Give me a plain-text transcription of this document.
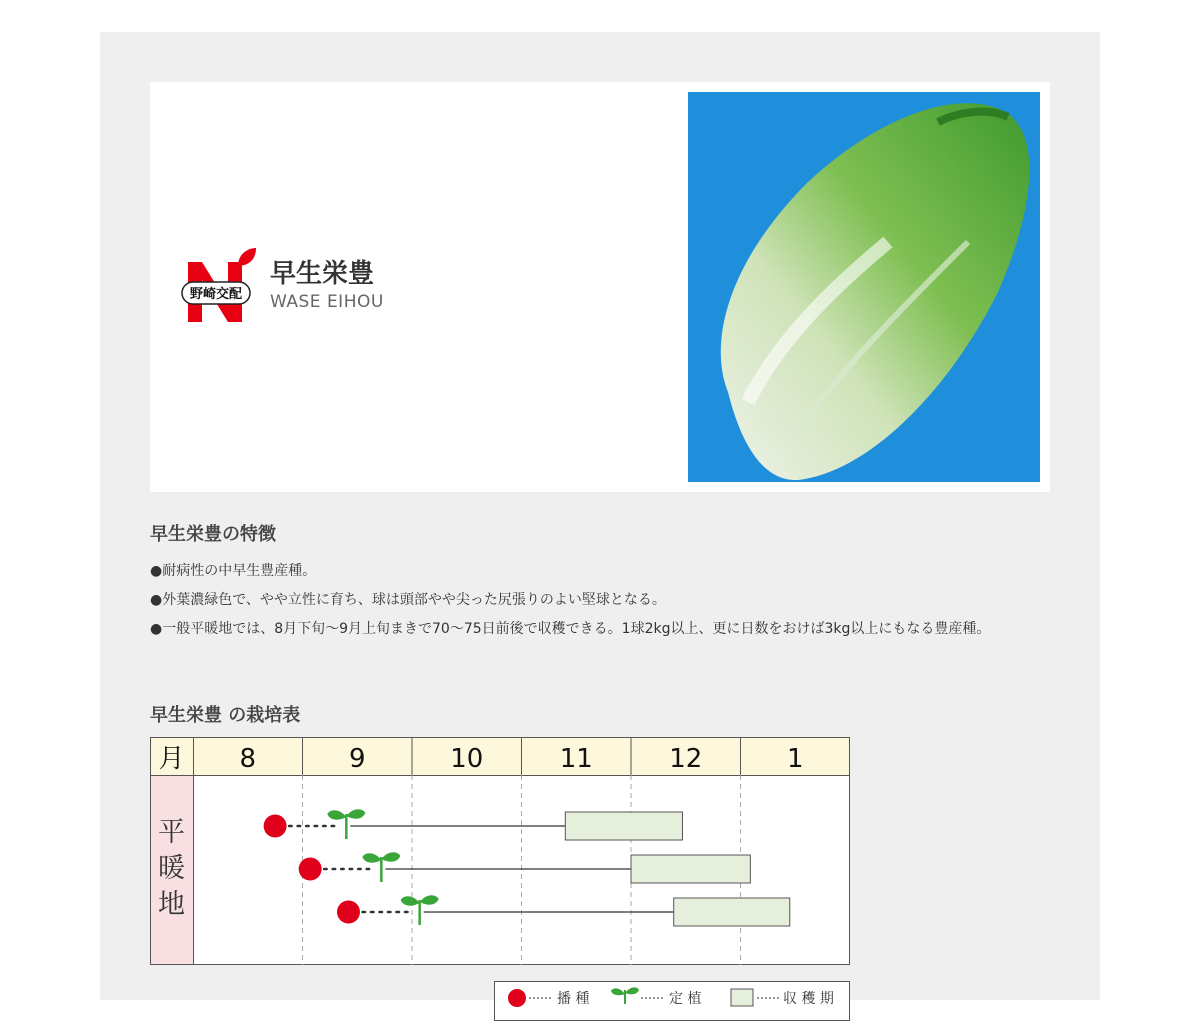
野崎交配
早生栄豊
WASE EIHOU
早生栄豊の特徴

●耐病性の中早生豊産種。

●外葉濃緑色で、やや立性に育ち、球は頭部やや尖った尻張りのよい堅球となる。

●一般平暖地では、8月下旬〜9月上旬まきで70〜75日前後で収穫できる。1球2kg以上、更に日数をおけば3kg以上にもなる豊産種。

早生栄豊 の栽培表
月 8	9	10	11	12	1
平
暖
地
播 種	定 植	収 穫 期
